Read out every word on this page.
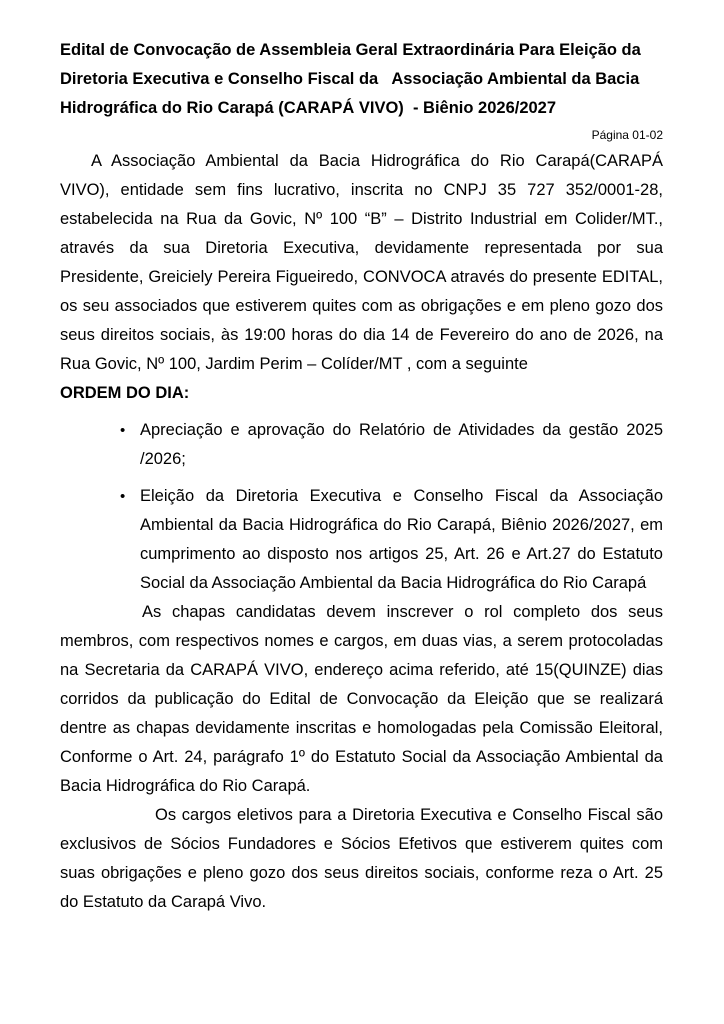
Edital de Convocação de Assembleia Geral Extraordinária Para Eleição da
Diretoria Executiva e Conselho Fiscal da   Associação Ambiental da Bacia
Hidrográfica do Rio Carapá (CARAPÁ VIVO)  - Biênio 2026/2027
Página 01-02
A Associação Ambiental da Bacia Hidrográfica do Rio Carapá(CARAPÁ VIVO), entidade sem fins lucrativo, inscrita no CNPJ 35 727 352/0001-28, estabelecida na Rua da Govic, Nº 100 “B” – Distrito Industrial em Colider/MT., através da sua Diretoria Executiva, devidamente representada por sua Presidente, Greiciely Pereira Figueiredo, CONVOCA através do presente EDITAL, os seu associados que estiverem quites com as obrigações e em pleno gozo dos seus direitos sociais, às 19:00 horas do dia 14 de Fevereiro do ano de 2026, na Rua Govic, Nº 100, Jardim Perim – Colíder/MT , com a seguinte
ORDEM DO DIA:
• Apreciação e aprovação do Relatório de Atividades da gestão 2025 /2026;
• Eleição da Diretoria Executiva e Conselho Fiscal da Associação Ambiental da Bacia Hidrográfica do Rio Carapá, Biênio 2026/2027, em cumprimento ao disposto nos artigos 25, Art. 26 e Art.27 do Estatuto Social da Associação Ambiental da Bacia Hidrográfica do Rio Carapá
As chapas candidatas devem inscrever o rol completo dos seus membros, com respectivos nomes e cargos, em duas vias, a serem protocoladas na Secretaria da CARAPÁ VIVO, endereço acima referido, até 15(QUINZE) dias corridos da publicação do Edital de Convocação da Eleição que se realizará dentre as chapas devidamente inscritas e homologadas pela Comissão Eleitoral, Conforme o Art. 24, parágrafo 1º do Estatuto Social da Associação Ambiental da Bacia Hidrográfica do Rio Carapá.
Os cargos eletivos para a Diretoria Executiva e Conselho Fiscal são exclusivos de Sócios Fundadores e Sócios Efetivos que estiverem quites com suas obrigações e pleno gozo dos seus direitos sociais, conforme reza o Art. 25 do Estatuto da Carapá Vivo.
